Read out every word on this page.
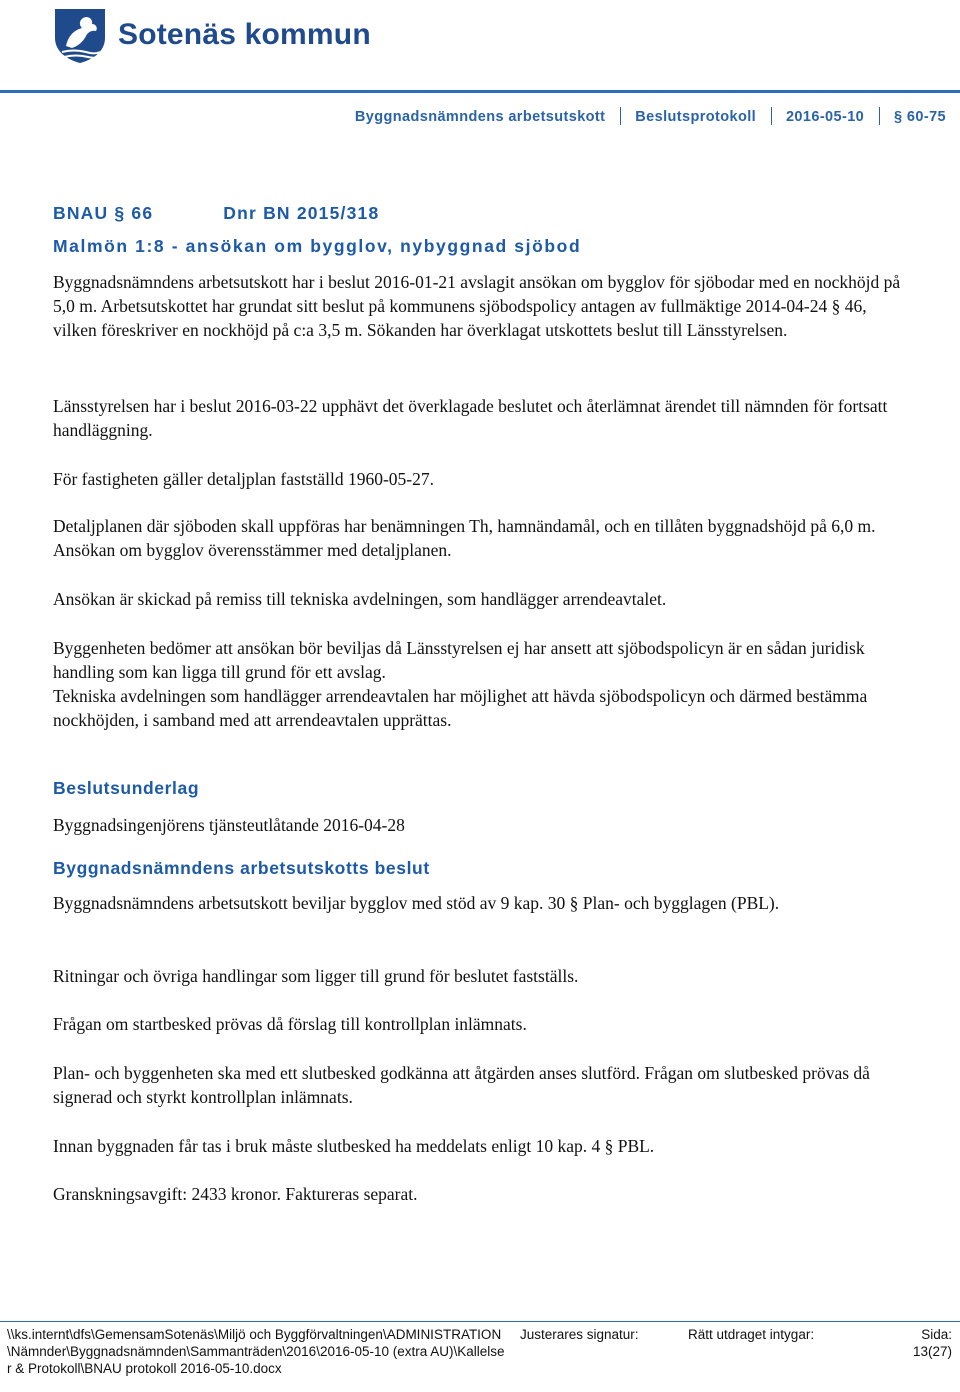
Sotenäs kommun
Byggnadsnämndens arbetsutskott Beslutsprotokoll 2016-05-10 § 60-75
BNAU § 66	Dnr BN 2015/318
Malmön 1:8 - ansökan om bygglov, nybyggnad sjöbod

Byggnadsnämndens arbetsutskott har i beslut 2016-01-21 avslagit ansökan om bygglov för sjöbodar med en nockhöjd på 5,0 m. Arbetsutskottet har grundat sitt beslut på kommunens sjöbodspolicy antagen av fullmäktige 2014-04-24 § 46, vilken föreskriver en nockhöjd på c:a 3,5 m. Sökanden har överklagat utskottets beslut till Länsstyrelsen.

Länsstyrelsen har i beslut 2016-03-22 upphävt det överklagade beslutet och återlämnat ärendet till nämnden för fortsatt handläggning.

För fastigheten gäller detaljplan fastställd 1960-05-27.

Detaljplanen där sjöboden skall uppföras har benämningen Th, hamnändamål, och en tillåten byggnadshöjd på 6,0 m. Ansökan om bygglov överensstämmer med detaljplanen.

Ansökan är skickad på remiss till tekniska avdelningen, som handlägger arrendeavtalet.

Byggenheten bedömer att ansökan bör beviljas då Länsstyrelsen ej har ansett att sjöbodspolicyn är en sådan juridisk handling som kan ligga till grund för ett avslag.

Tekniska avdelningen som handlägger arrendeavtalen har möjlighet att hävda sjöbodspolicyn och därmed bestämma nockhöjden, i samband med att arrendeavtalen upprättas.

Beslutsunderlag

Byggnadsingenjörens tjänsteutlåtande 2016-04-28

Byggnadsnämndens arbetsutskotts beslut

Byggnadsnämndens arbetsutskott beviljar bygglov med stöd av 9 kap. 30 § Plan- och bygglagen (PBL).

Ritningar och övriga handlingar som ligger till grund för beslutet fastställs.

Frågan om startbesked prövas då förslag till kontrollplan inlämnats.

Plan- och byggenheten ska med ett slutbesked godkänna att åtgärden anses slutförd. Frågan om slutbesked prövas då signerad och styrkt kontrollplan inlämnats.

Innan byggnaden får tas i bruk måste slutbesked ha meddelats enligt 10 kap. 4 § PBL.

Granskningsavgift: 2433 kronor. Faktureras separat.

\\ks.internt\dfs\GemensamSotenäs\Miljö och Byggförvaltningen\ADMINISTRATION\Nämnder\Byggnadsnämnden\Sammanträden\2016\2016-05-10 (extra AU)\Kallelser & Protokoll\BNAU protokoll 2016-05-10.docx
Justerares signatur:	Rätt utdraget intygar:	Sida:
13(27)
